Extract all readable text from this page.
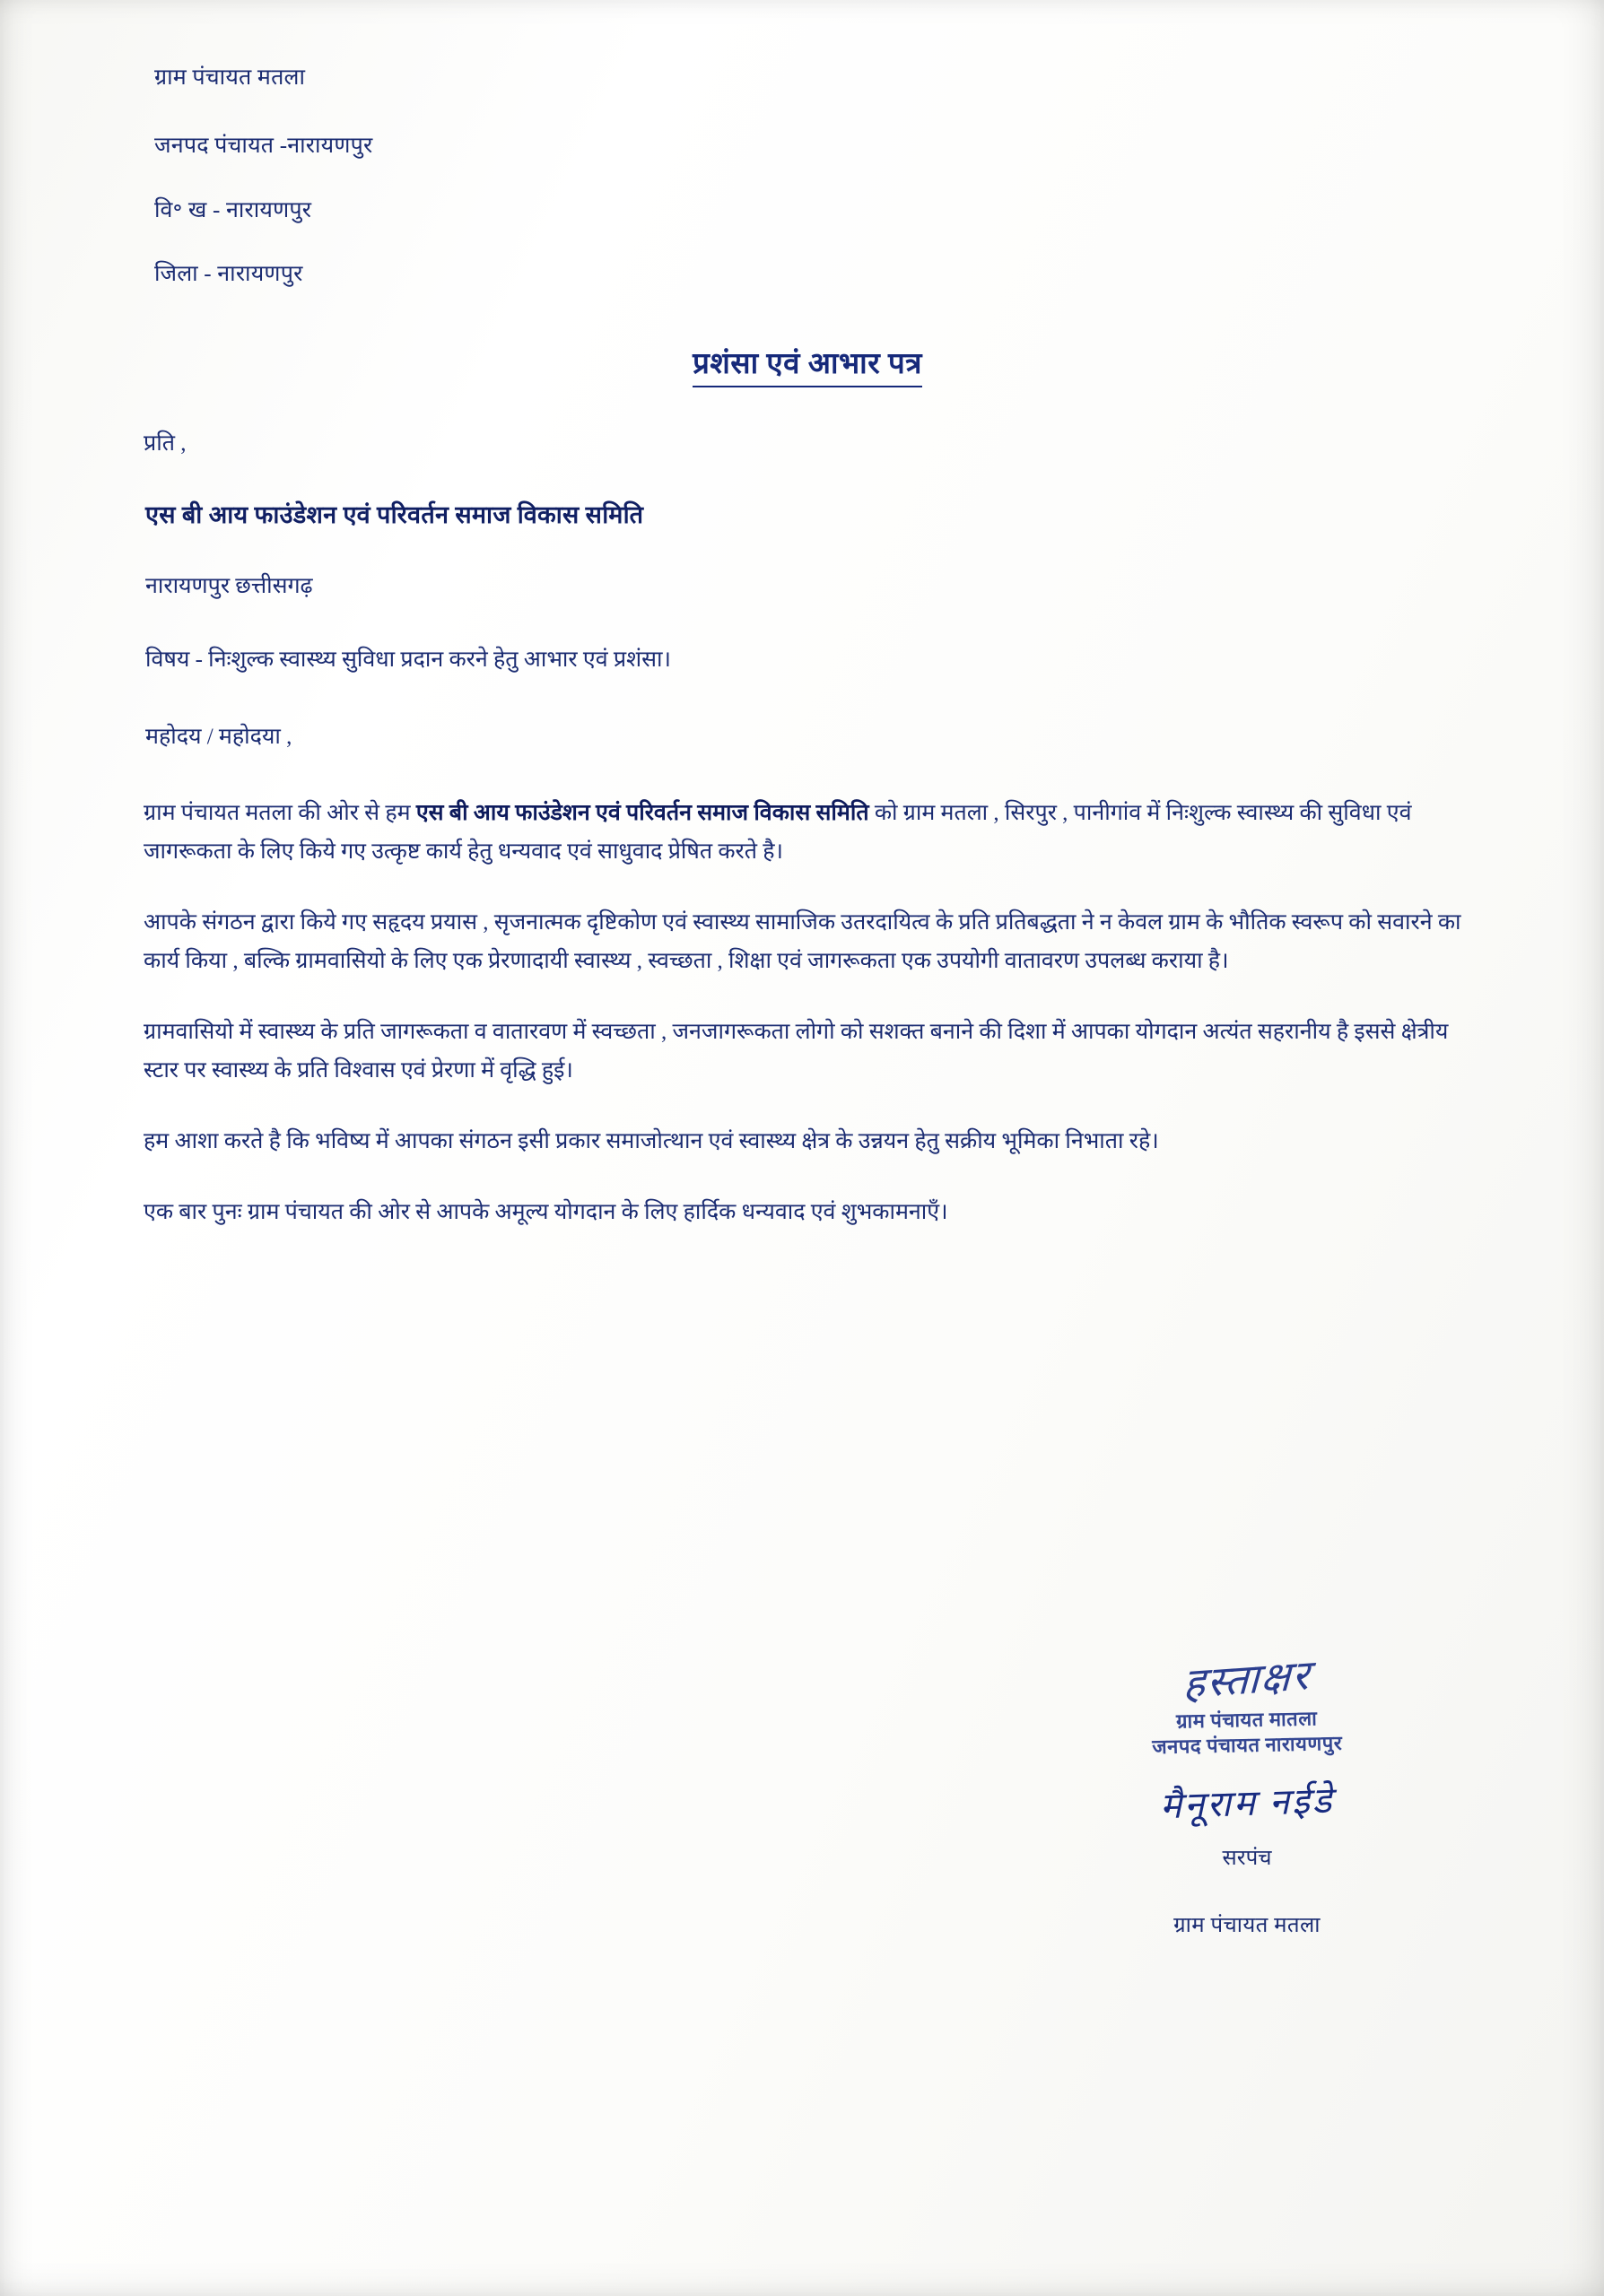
ग्राम पंचायत मतला
जनपद पंचायत -नारायणपुर
वि॰ ख - नारायणपुर
जिला - नारायणपुर
प्रशंसा एवं आभार पत्र
प्रति ,
एस बी आय फाउंडेशन एवं परिवर्तन समाज विकास समिति
नारायणपुर छत्तीसगढ़
विषय - निःशुल्क स्वास्थ्य सुविधा प्रदान करने हेतु आभार एवं प्रशंसा।
महोदय / महोदया ,

ग्राम पंचायत मतला की ओर से हम एस बी आय फाउंडेशन एवं परिवर्तन समाज विकास समिति को ग्राम मतला , सिरपुर , पानीगांव में निःशुल्क स्वास्थ्य की सुविधा एवं जागरूकता के लिए किये गए उत्कृष्ट कार्य हेतु धन्यवाद एवं साधुवाद प्रेषित करते है।

आपके संगठन द्वारा किये गए सहृदय प्रयास , सृजनात्मक दृष्टिकोण एवं स्वास्थ्य सामाजिक उतरदायित्व के प्रति प्रतिबद्धता ने न केवल ग्राम के भौतिक स्वरूप को सवारने का कार्य किया , बल्कि ग्रामवासियो के लिए एक प्रेरणादायी स्वास्थ्य , स्वच्छता , शिक्षा एवं जागरूकता एक उपयोगी वातावरण उपलब्ध कराया है।

ग्रामवासियो में स्वास्थ्य के प्रति जागरूकता व वातारवण में स्वच्छता , जनजागरूकता लोगो को सशक्त बनाने की दिशा में आपका योगदान अत्यंत सहरानीय है इससे क्षेत्रीय स्टार पर स्वास्थ्य के प्रति विश्वास एवं प्रेरणा में वृद्धि हुई।

हम आशा करते है कि भविष्य में आपका संगठन इसी प्रकार समाजोत्थान एवं स्वास्थ्य क्षेत्र के उन्नयन हेतु सक्रीय भूमिका निभाता रहे।

एक बार पुनः ग्राम पंचायत की ओर से आपके अमूल्य योगदान के लिए हार्दिक धन्यवाद एवं शुभकामनाएँ।

हस्ताक्षर
ग्राम पंचायत मातला
जनपद पंचायत नारायणपुर
मैनूराम नईडे
सरपंच
ग्राम पंचायत मतला
